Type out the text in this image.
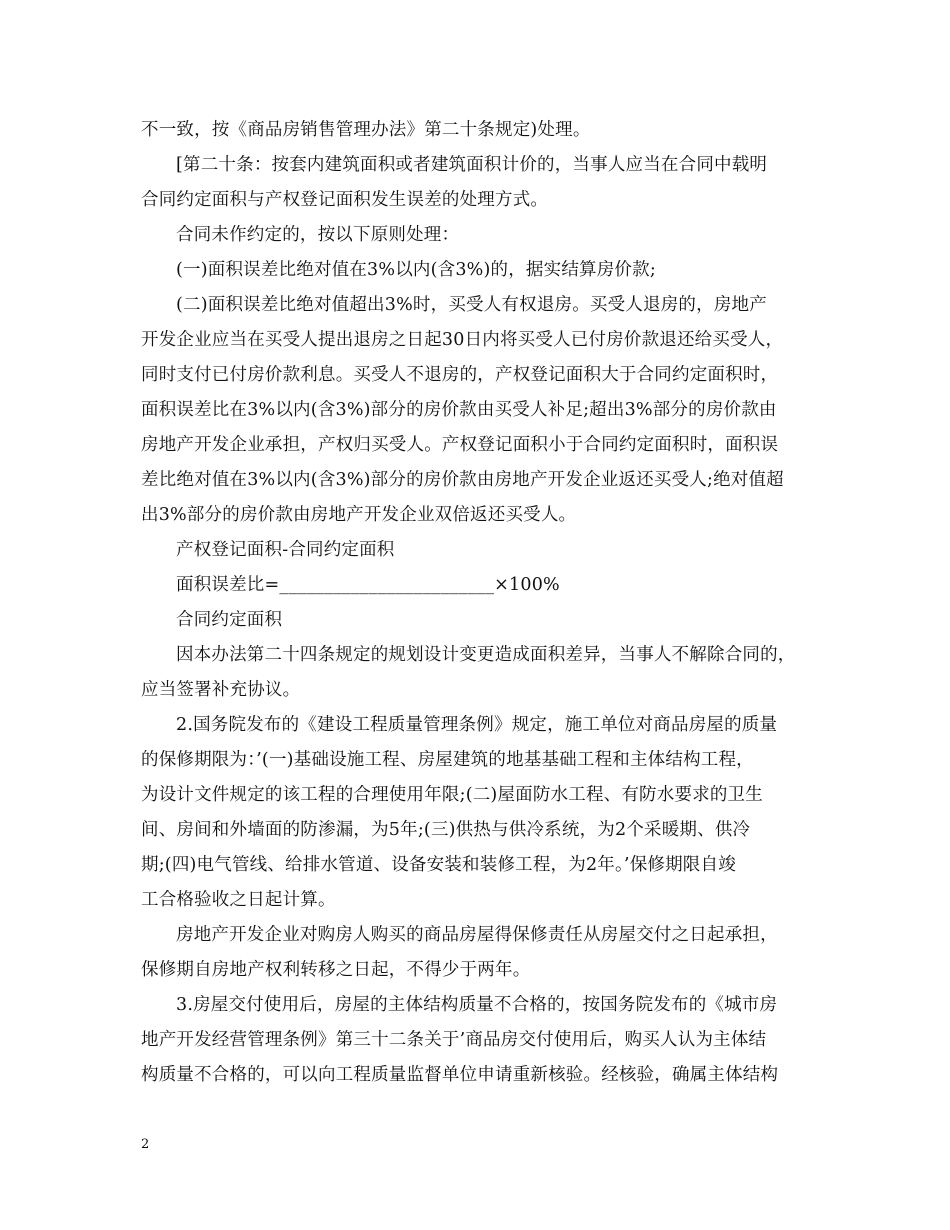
不一致，按《商品房销售管理办法》第二十条规定)处理。
[第二十条：按套内建筑面积或者建筑面积计价的，当事人应当在合同中载明
合同约定面积与产权登记面积发生误差的处理方式。
合同未作约定的，按以下原则处理：
(一)面积误差比绝对值在3%以内(含3%)的，据实结算房价款;
(二)面积误差比绝对值超出3%时，买受人有权退房。买受人退房的，房地产
开发企业应当在买受人提出退房之日起30日内将买受人已付房价款退还给买受人，
同时支付已付房价款利息。买受人不退房的，产权登记面积大于合同约定面积时，
面积误差比在3%以内(含3%)部分的房价款由买受人补足;超出3%部分的房价款由
房地产开发企业承担，产权归买受人。产权登记面积小于合同约定面积时，面积误
差比绝对值在3%以内(含3%)部分的房价款由房地产开发企业返还买受人;绝对值超
出3%部分的房价款由房地产开发企业双倍返还买受人。
产权登记面积-合同约定面积
面积误差比=________________________×100%
合同约定面积
因本办法第二十四条规定的规划设计变更造成面积差异，当事人不解除合同的，
应当签署补充协议。
2.国务院发布的《建设工程质量管理条例》规定，施工单位对商品房屋的质量
的保修期限为：’(一)基础设施工程、房屋建筑的地基基础工程和主体结构工程，
为设计文件规定的该工程的合理使用年限;(二)屋面防水工程、有防水要求的卫生
间、房间和外墙面的防渗漏，为5年;(三)供热与供冷系统，为2个采暖期、供冷
期;(四)电气管线、给排水管道、设备安装和装修工程，为2年。’保修期限自竣
工合格验收之日起计算。
房地产开发企业对购房人购买的商品房屋得保修责任从房屋交付之日起承担，
保修期自房地产权利转移之日起，不得少于两年。
3.房屋交付使用后，房屋的主体结构质量不合格的，按国务院发布的《城市房
地产开发经营管理条例》第三十二条关于’商品房交付使用后，购买人认为主体结
构质量不合格的，可以向工程质量监督单位申请重新核验。经核验，确属主体结构
2
